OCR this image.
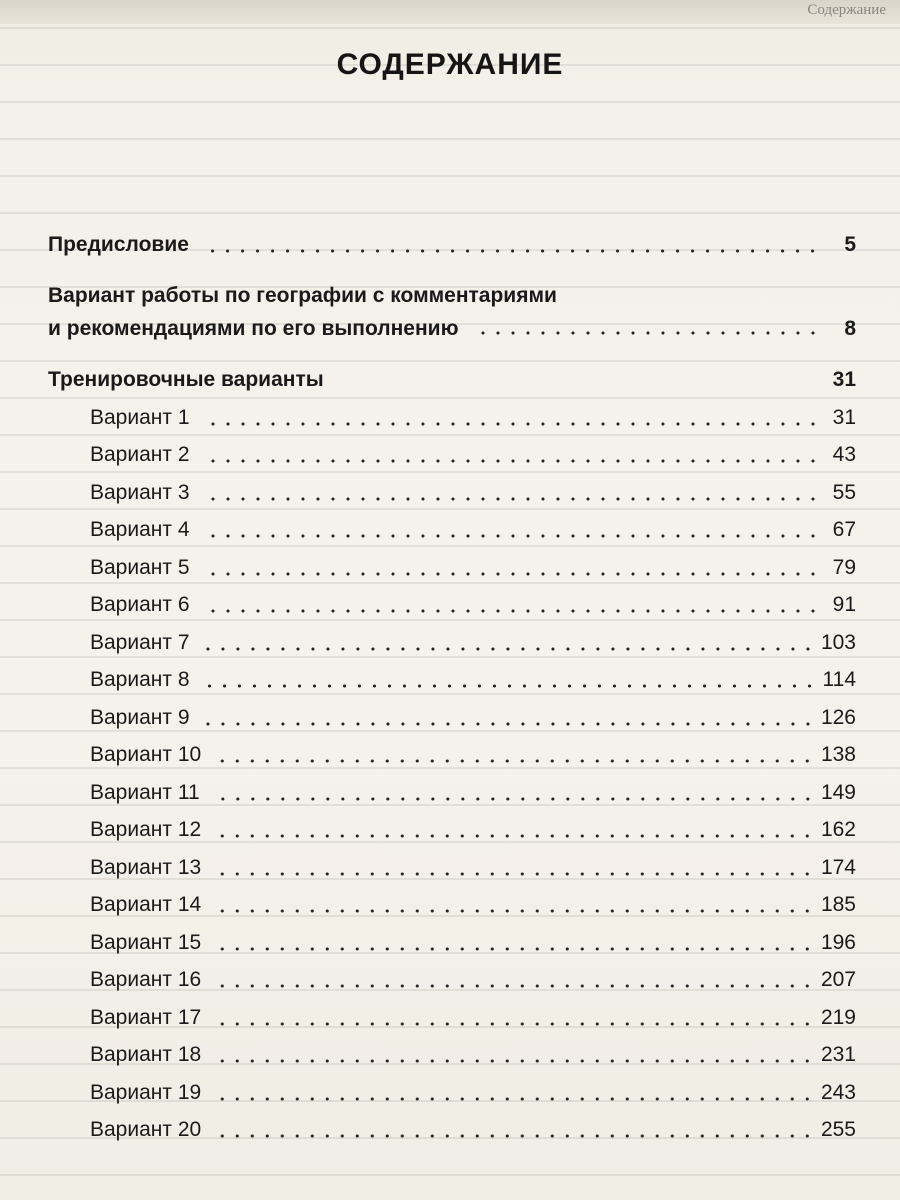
Содержание
СОДЕРЖАНИЕ
Предисловие	5
Вариант работы по географии с комментариями
и рекомендациями по его выполнению	8
Тренировочные варианты	31
Вариант 1	31
Вариант 2	43
Вариант 3	55
Вариант 4	67
Вариант 5	79
Вариант 6	91
Вариант 7	103
Вариант 8	114
Вариант 9	126
Вариант 10	138
Вариант 11	149
Вариант 12	162
Вариант 13	174
Вариант 14	185
Вариант 15	196
Вариант 16	207
Вариант 17	219
Вариант 18	231
Вариант 19	243
Вариант 20	255
